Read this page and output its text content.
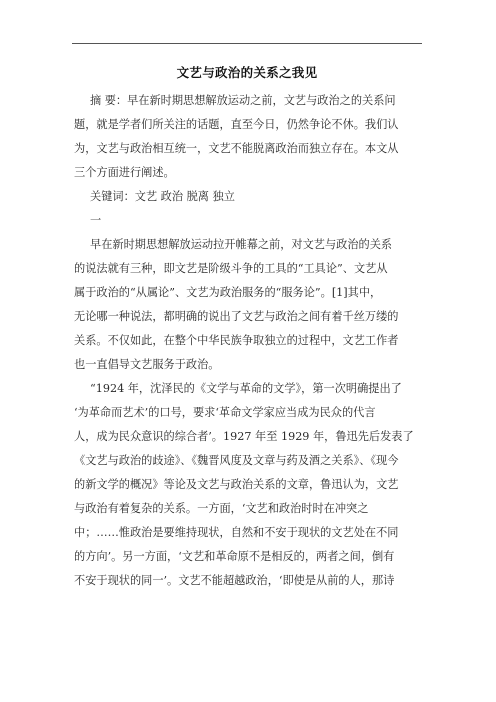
文艺与政治的关系之我见
摘 要：早在新时期思想解放运动之前，文艺与政治之的关系问
题，就是学者们所关注的话题，直至今日，仍然争论不休。我们认
为，文艺与政治相互统一，文艺不能脱离政治而独立存在。本文从
三个方面进行阐述。
关键词：文艺 政治 脱离 独立
一
早在新时期思想解放运动拉开帷幕之前，对文艺与政治的关系
的说法就有三种，即文艺是阶级斗争的工具的“工具论”、文艺从
属于政治的“从属论”、文艺为政治服务的“服务论”。[1]其中，
无论哪一种说法，都明确的说出了文艺与政治之间有着千丝万缕的
关系。不仅如此，在整个中华民族争取独立的过程中，文艺工作者
也一直倡导文艺服务于政治。
“1924 年，沈泽民的《文学与革命的文学》，第一次明确提出了
‘为革命而艺术’的口号，要求‘革命文学家应当成为民众的代言
人，成为民众意识的综合者’。1927 年至 1929 年，鲁迅先后发表了
《文艺与政治的歧途》、《魏晋风度及文章与药及酒之关系》、《现今
的新文学的概况》等论及文艺与政治关系的文章，鲁迅认为，文艺
与政治有着复杂的关系。一方面，‘文艺和政治时时在冲突之
中；……惟政治是要维持现状，自然和不安于现状的文艺处在不同
的方向’。另一方面，‘文艺和革命原不是相反的，两者之间，倒有
不安于现状的同一’。文艺不能超越政治，‘即使是从前的人，那诗
